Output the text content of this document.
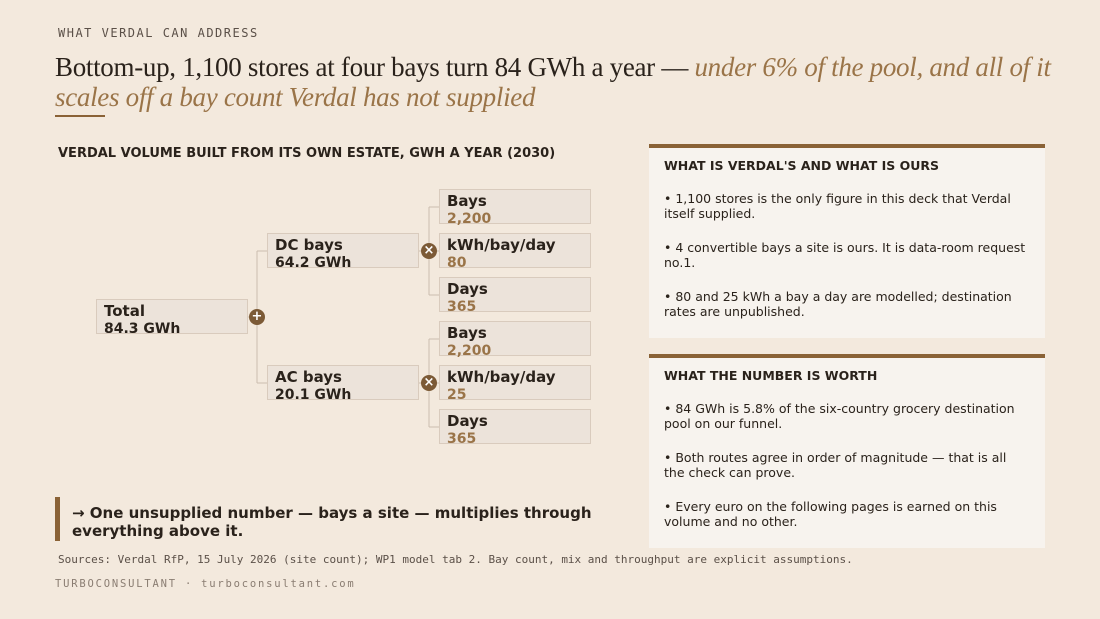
WHAT VERDAL CAN ADDRESS
Bottom-up, 1,100 stores at four bays turn 84 GWh a year — under 6% of the pool, and all of it scales off a bay count Verdal has not supplied
VERDAL VOLUME BUILT FROM ITS OWN ESTATE, GWH A YEAR (2030)
Total
84.3 GWh
+
DC bays
64.2 GWh
×
AC bays
20.1 GWh
×
Bays
2,200
kWh/bay/day
80
Days
365
Bays
2,200
kWh/bay/day
25
Days
365
→ One unsupplied number — bays a site — multiplies through everything above it.
WHAT IS VERDAL'S AND WHAT IS OURS

• 1,100 stores is the only figure in this deck that Verdal itself supplied.

• 4 convertible bays a site is ours. It is data-room request no.1.

• 80 and 25 kWh a bay a day are modelled; destination rates are unpublished.

WHAT THE NUMBER IS WORTH

• 84 GWh is 5.8% of the six-country grocery destination pool on our funnel.

• Both routes agree in order of magnitude — that is all the check can prove.

• Every euro on the following pages is earned on this volume and no other.

Sources: Verdal RfP, 15 July 2026 (site count); WP1 model tab 2. Bay count, mix and throughput are explicit assumptions.
TURBOCONSULTANT · turboconsultant.com
